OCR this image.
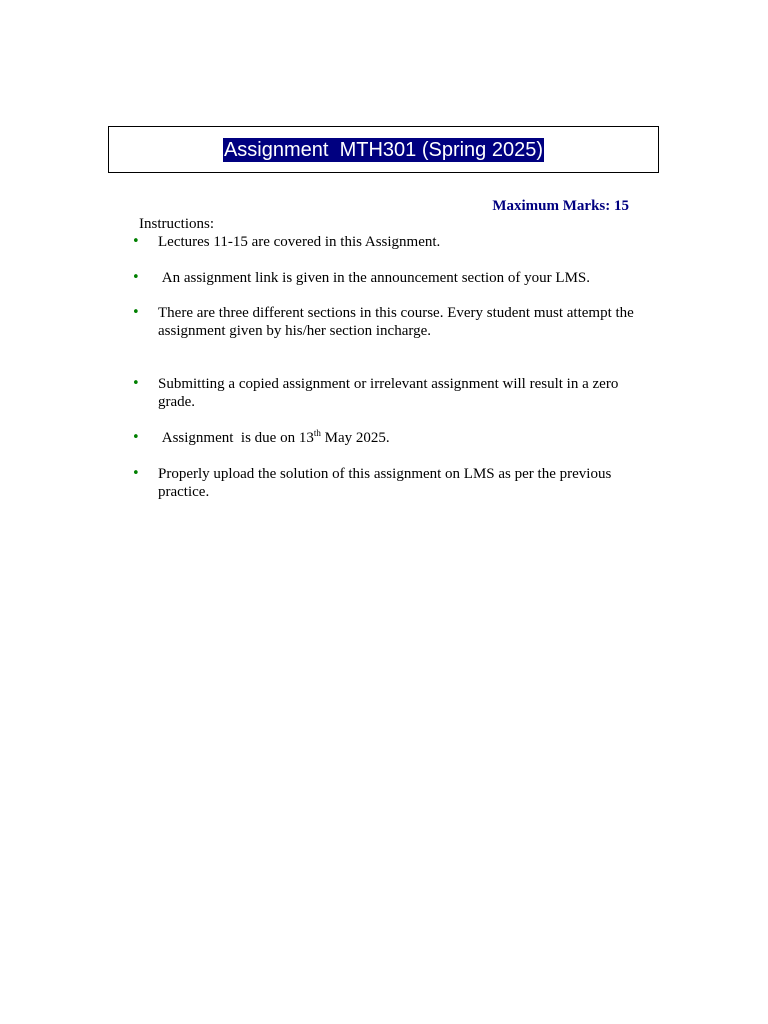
Assignment  MTH301 (Spring 2025)
Maximum Marks: 15
Instructions:
• Lectures 11-15 are covered in this Assignment.
• An assignment link is given in the announcement section of your LMS.
• There are three different sections in this course. Every student must attempt the assignment given by his/her section incharge.
• Submitting a copied assignment or irrelevant assignment will result in a zero grade.
• Assignment  is due on 13th May 2025.
• Properly upload the solution of this assignment on LMS as per the previous practice.
